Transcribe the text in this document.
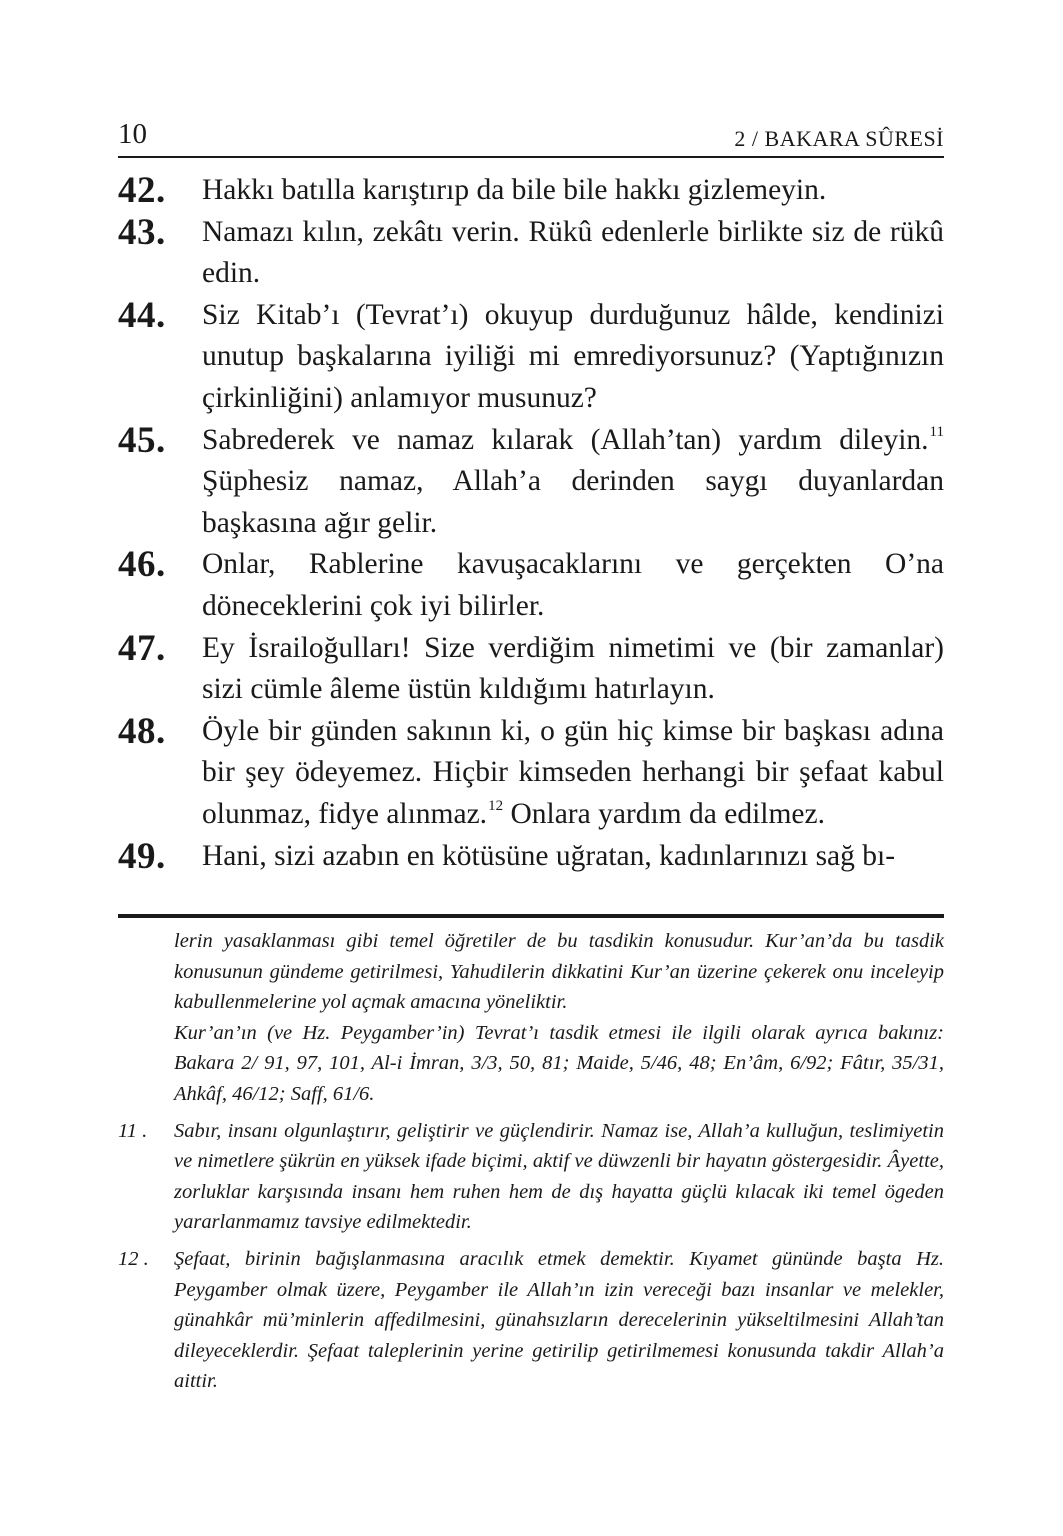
10	2 / BAKARA SÛRESİ
42. Hakkı batılla karıştırıp da bile bile hakkı gizlemeyin.
43. Namazı kılın, zekâtı verin. Rükû edenlerle birlikte siz de rükû edin.
44. Siz Kitab’ı (Tevrat’ı) okuyup durduğunuz hâlde, kendinizi unutup başkalarına iyiliği mi emrediyorsunuz? (Yaptığınızın çirkinliğini) anlamıyor musunuz?
45. Sabrederek ve namaz kılarak (Allah’tan) yardım dileyin.$^{11}$ Şüphesiz namaz, Allah’a derinden saygı duyanlardan başkasına ağır gelir.
46. Onlar, Rablerine kavuşacaklarını ve gerçekten O’na döneceklerini çok iyi bilirler.
47. Ey İsrailoğulları! Size verdiğim nimetimi ve (bir zamanlar) sizi cümle âleme üstün kıldığımı hatırlayın.
48. Öyle bir günden sakının ki, o gün hiç kimse bir başkası adına bir şey ödeyemez. Hiçbir kimseden herhangi bir şefaat kabul olunmaz, fidye alınmaz.$^{12}$ Onlara yardım da edilmez.
49. Hani, sizi azabın en kötüsüne uğratan, kadınlarınızı sağ bı-

lerin yasaklanması gibi temel öğretiler de bu tasdikin konusudur. Kur’an’da bu tasdik konusunun gündeme getirilmesi, Yahudilerin dikkatini Kur’an üzerine çekerek onu inceleyip kabullenmelerine yol açmak amacına yöneliktir.

Kur’an’ın (ve Hz. Peygamber’in) Tevrat’ı tasdik etmesi ile ilgili olarak ayrıca bakınız: Bakara 2/ 91, 97, 101, Al-i İmran, 3/3, 50, 81; Maide, 5/46, 48; En’âm, 6/92; Fâtır, 35/31, Ahkâf, 46/12; Saff, 61/6.

11 . Sabır, insanı olgunlaştırır, geliştirir ve güçlendirir. Namaz ise, Allah’a kulluğun, teslimiyetin ve nimetlere şükrün en yüksek ifade biçimi, aktif ve düwzenli bir hayatın göstergesidir. Âyette, zorluklar karşısında insanı hem ruhen hem de dış hayatta güçlü kılacak iki temel ögeden yararlanmamız tavsiye edilmektedir.
12 . Şefaat, birinin bağışlanmasına aracılık etmek demektir. Kıyamet gününde başta Hz. Peygamber olmak üzere, Peygamber ile Allah’ın izin vereceği bazı insanlar ve melekler, günahkâr mü’minlerin affedilmesini, günahsızların derecelerinin yükseltilmesini Allah’tan dileyeceklerdir. Şefaat taleplerinin yerine getirilip getirilmemesi konusunda takdir Allah’a aittir.
